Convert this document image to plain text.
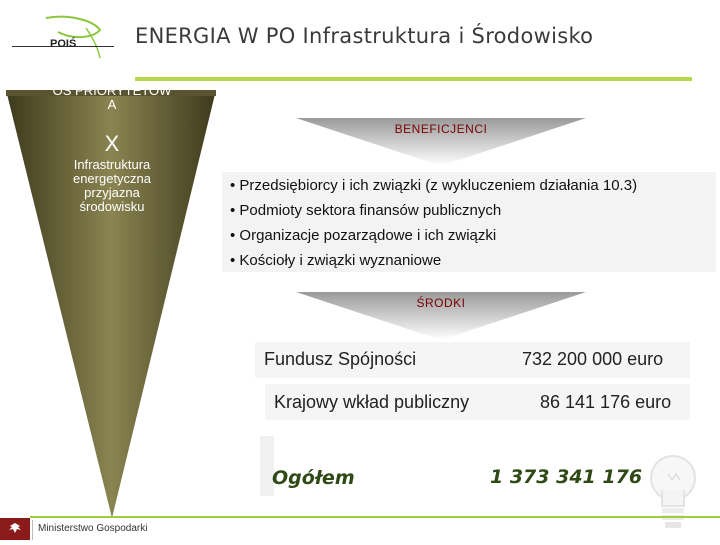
POIŚ	ENERGIA W PO Infrastruktura i Środowisko
OŚ PRIORYTETOW A
X
Infrastruktura energetyczna przyjazna środowisku
BENEFICJENCI
• Przedsiębiorcy i ich związki (z wykluczeniem działania 10.3)
• Podmioty sektora finansów publicznych
• Organizacje pozarządowe i ich związki
• Kościoły i związki wyznaniowe
ŚRODKI
Fundusz Spójności	732 200 000 euro
Krajowy wkład publiczny	86 141 176 euro
Ogółem	1 373 341 176
Ministerstwo Gospodarki
